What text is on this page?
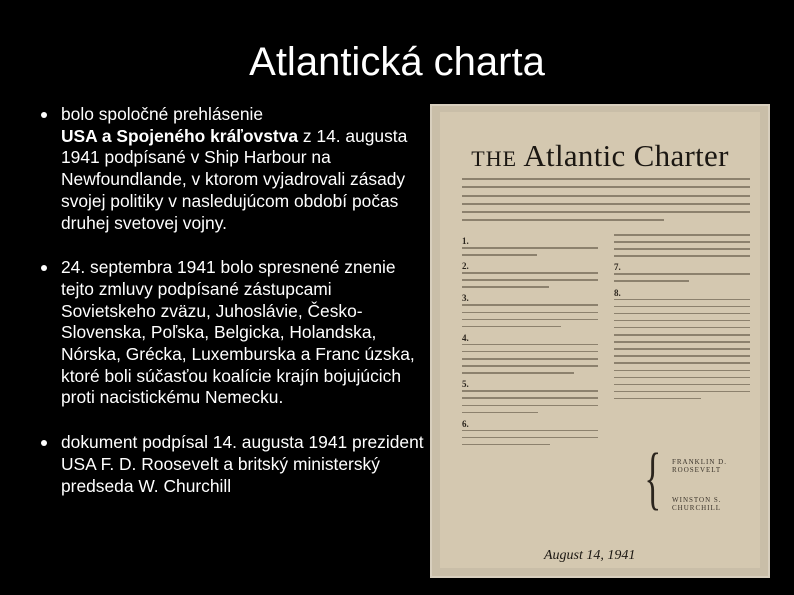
Atlantická charta
bolo spoločné prehlásenie
USA a Spojeného kráľovstva z 14. augusta 1941 podpísané v Ship Harbour na Newfoundlande, v ktorom vyjadrovali zásady svojej politiky v nasledujúcom období počas druhej svetovej vojny.
24. septembra 1941 bolo spresnené znenie tejto zmluvy podpísané zástupcami Sovietskeho zväzu, Juhoslávie, Česko-Slovenska, Poľska, Belgicka, Holandska, Nórska, Grécka, Luxemburska a Franc úzska, ktoré boli súčasťou koalície krajín bojujúcich proti nacistickému Nemecku.
dokument podpísal 14. augusta 1941 prezident USA F. D. Roosevelt a britský ministerský predseda W. Churchill
THE Atlantic Charter
1.
2.
3.
4.
5.
6.
7.
8.
{ FRANKLIN D. ROOSEVELT
WINSTON S. CHURCHILL
August 14, 1941
